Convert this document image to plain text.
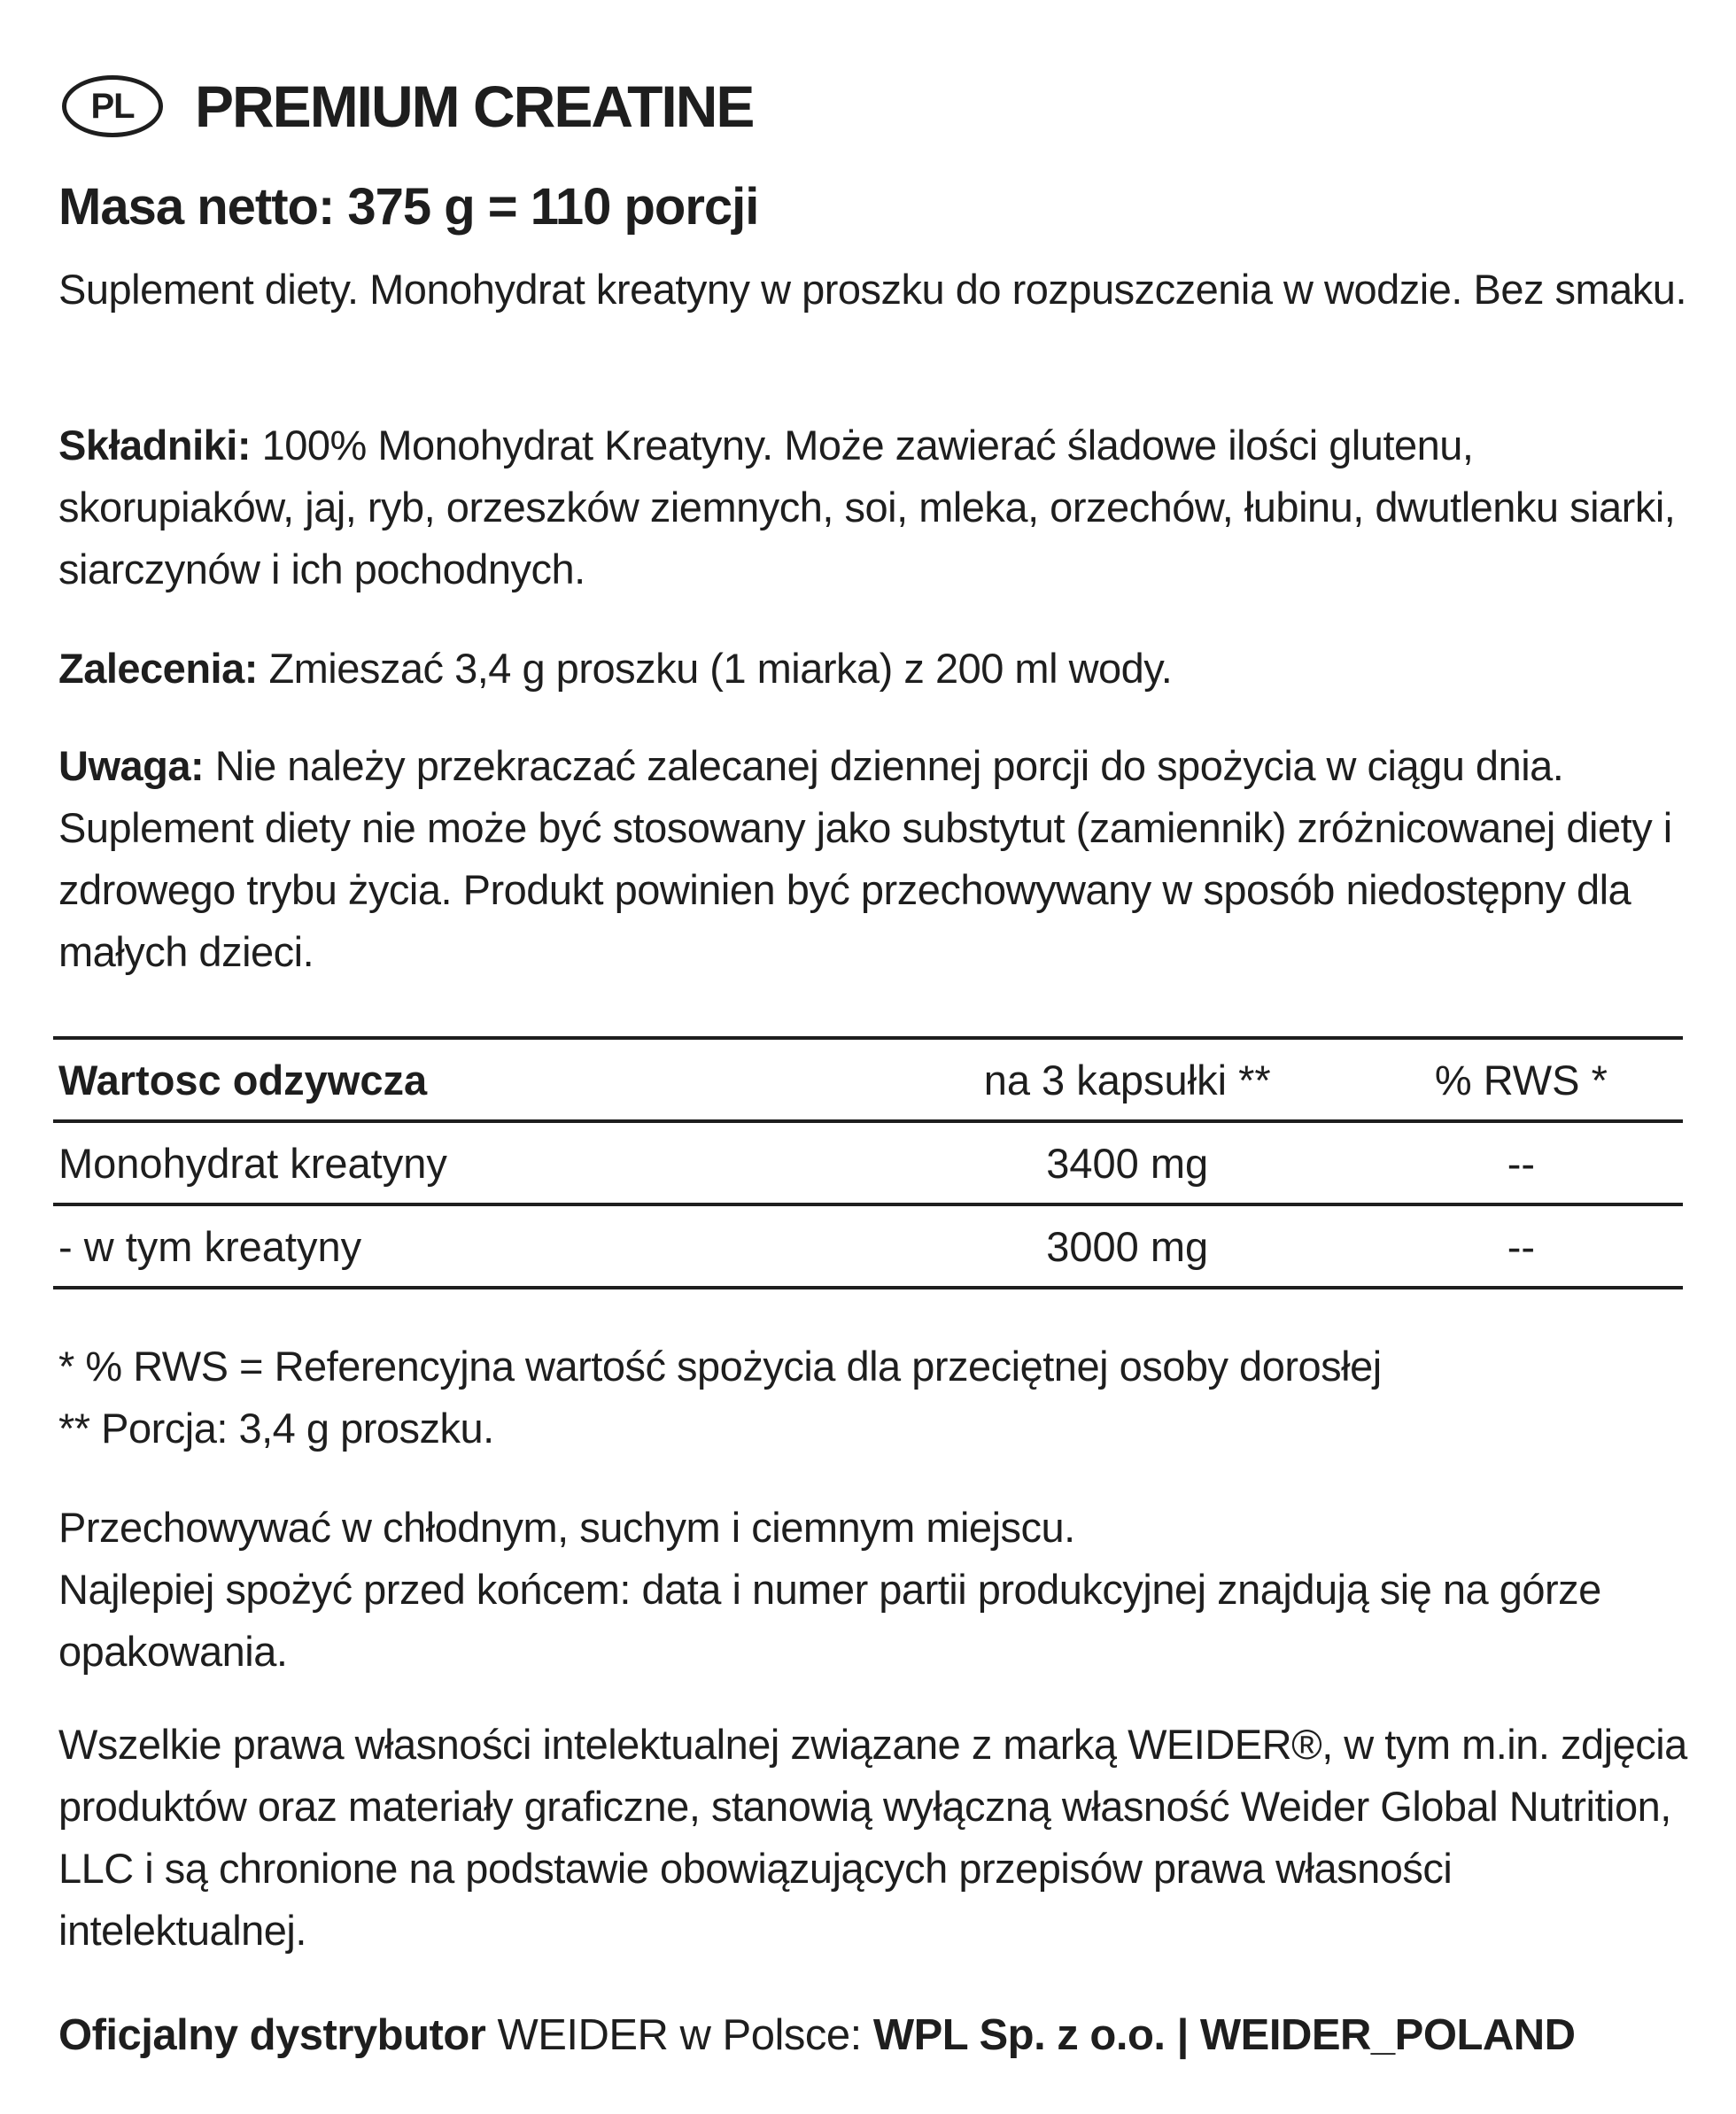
PL	PREMIUM CREATINE
Masa netto: 375 g = 110 porcji
Suplement diety. Monohydrat kreatyny w proszku do rozpuszczenia w wodzie. Bez smaku.
Składniki: 100% Monohydrat Kreatyny. Może zawierać śladowe ilości glutenu, skorupiaków, jaj, ryb, orzeszków ziemnych, soi, mleka, orzechów, łubinu, dwutlenku siarki, siarczynów i ich pochodnych.
Zalecenia: Zmieszać 3,4 g proszku (1 miarka) z 200 ml wody.
Uwaga: Nie należy przekraczać zalecanej dziennej porcji do spożycia w ciągu dnia. Suplement diety nie może być stosowany jako substytut (zamiennik) zróżnicowanej diety i zdrowego trybu życia. Produkt powinien być przechowywany w sposób niedostępny dla małych dzieci.
Wartosc odzywcza	na 3 kapsułki **	% RWS *
Monohydrat kreatyny	3400 mg	--
- w tym kreatyny	3000 mg	--
* % RWS = Referencyjna wartość spożycia dla przeciętnej osoby dorosłej
** Porcja: 3,4 g proszku.
Przechowywać w chłodnym, suchym i ciemnym miejscu.
Najlepiej spożyć przed końcem: data i numer partii produkcyjnej znajdują się na górze opakowania.
Wszelkie prawa własności intelektualnej związane z marką WEIDER®, w tym m.in. zdjęcia produktów oraz materiały graficzne, stanowią wyłączną własność Weider Global Nutrition, LLC i są chronione na podstawie obowiązujących przepisów prawa własności intelektualnej.
Oficjalny dystrybutor WEIDER w Polsce: WPL Sp. z o.o. | WEIDER_POLAND
